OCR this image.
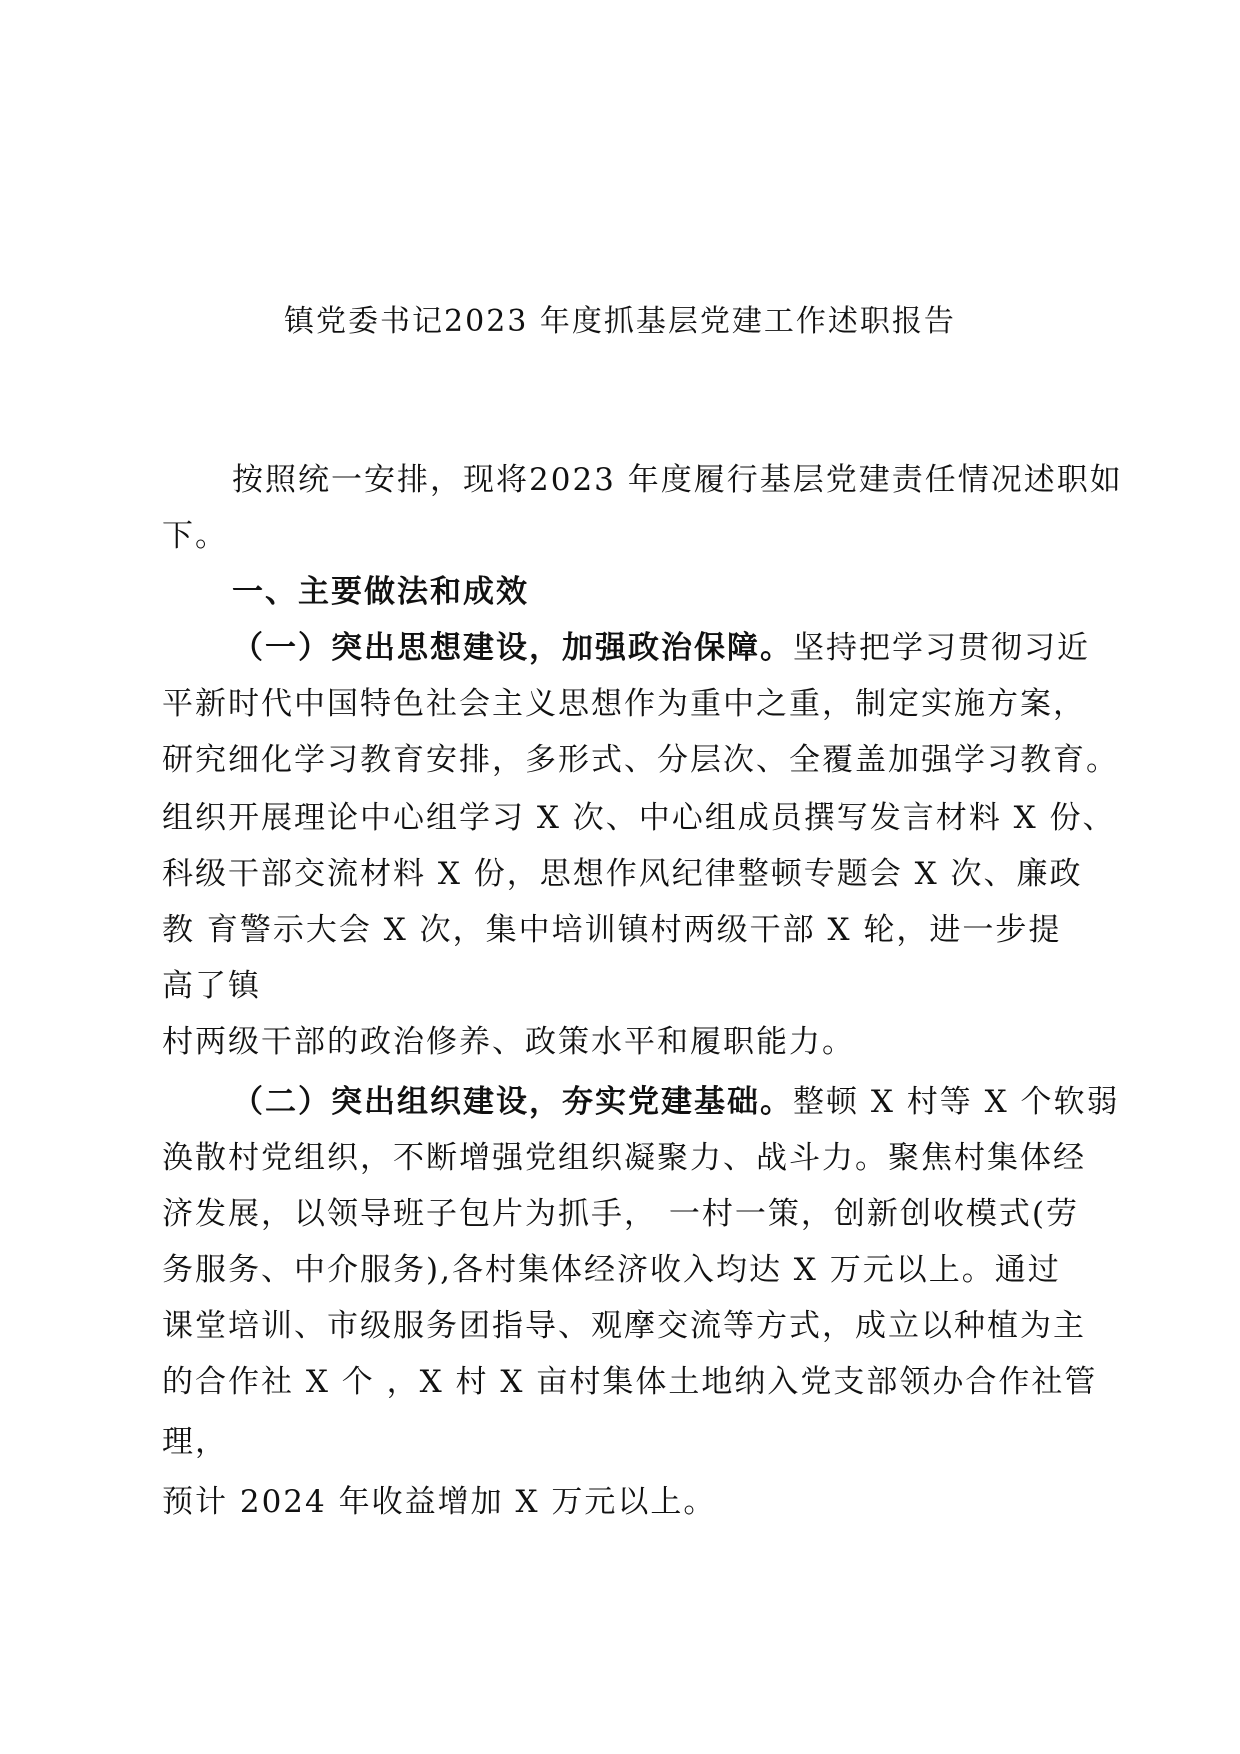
镇党委书记2023 年度抓基层党建工作述职报告
按照统一安排，现将2023 年度履行基层党建责任情况述职如
下。
一、主要做法和成效
（一）突出思想建设，加强政治保障。坚持把学习贯彻习近
平新时代中国特色社会主义思想作为重中之重，制定实施方案，
研究细化学习教育安排，多形式、分层次、全覆盖加强学习教育。
组织开展理论中心组学习 X 次、中心组成员撰写发言材料 X 份、
科级干部交流材料 X 份，思想作风纪律整顿专题会 X 次、廉政
教 育警示大会 X 次，集中培训镇村两级干部 X 轮，进一步提
高了镇
村两级干部的政治修养、政策水平和履职能力。
（二）突出组织建设，夯实党建基础。整顿 X 村等 X 个软弱
涣散村党组织，不断增强党组织凝聚力、战斗力。聚焦村集体经
济发展，以领导班子包片为抓手， 一村一策，创新创收模式(劳
务服务、中介服务),各村集体经济收入均达 X 万元以上。通过
课堂培训、市级服务团指导、观摩交流等方式，成立以种植为主
的合作社 X 个 ，X 村 X 亩村集体土地纳入党支部领办合作社管
理，
预计 2024 年收益增加 X 万元以上。
